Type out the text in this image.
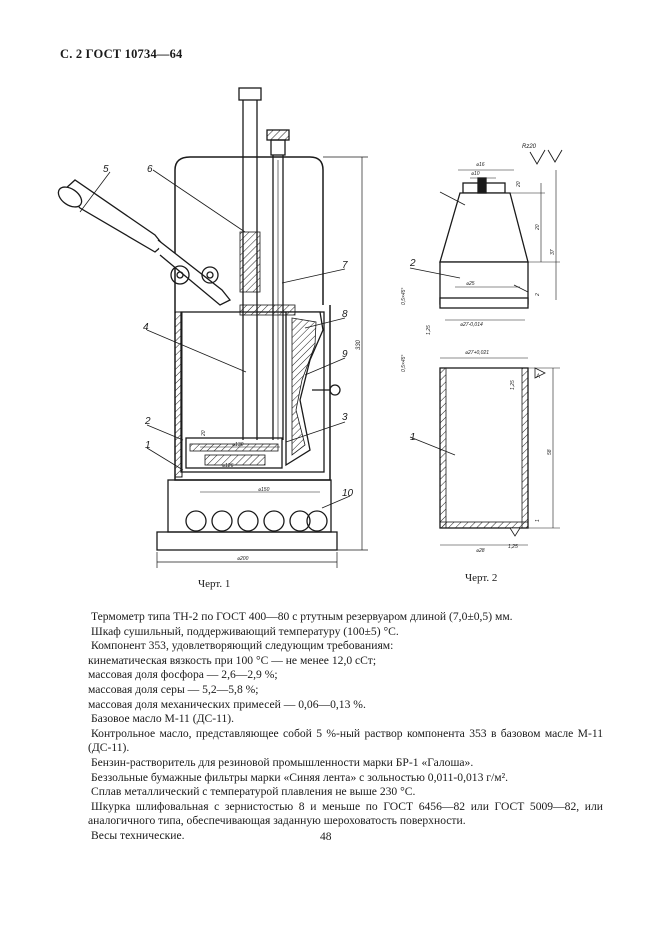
С. 2 ГОСТ 10734—64
5	6
7
8
9
3
4
2
1
10
330
⌀130
⌀126
⌀150
⌀200
20
2
1
Rz20
⌀16
⌀10
20
20
37
2
⌀25
⌀27-0,014
0,5×45°
0,5×45°
1,25
⌀27+0,021
1,25
A
58
1
⌀28
1,25
Черт. 1	Черт. 2

Термометр типа ТН-2 по ГОСТ 400—80 с ртутным резервуаром длиной (7,0±0,5) мм.

Шкаф сушильный, поддерживающий температуру (100±5) °С.

Компонент 353, удовлетворяющий следующим требованиям:

кинематическая вязкость при 100 °С — не менее 12,0 сСт;

массовая доля фосфора — 2,6—2,9 %;

массовая доля серы — 5,2—5,8 %;

массовая доля механических примесей — 0,06—0,13 %.

Базовое масло М-11 (ДС-11).

Контрольное масло, представляющее собой 5 %-ный раствор компонента 353 в базовом масле М-11 (ДС-11).

Бензин-растворитель для резиновой промышленности марки БР-1 «Галоша».

Беззольные бумажные фильтры марки «Синяя лента» с зольностью 0,011-0,013 г/м².

Сплав металлический с температурой плавления не выше 230 °С.

Шкурка шлифовальная с зернистостью 8 и меньше по ГОСТ 6456—82 или ГОСТ 5009—82, или аналогичного типа, обеспечивающая заданную шероховатость поверхности.

Весы технические.	48
